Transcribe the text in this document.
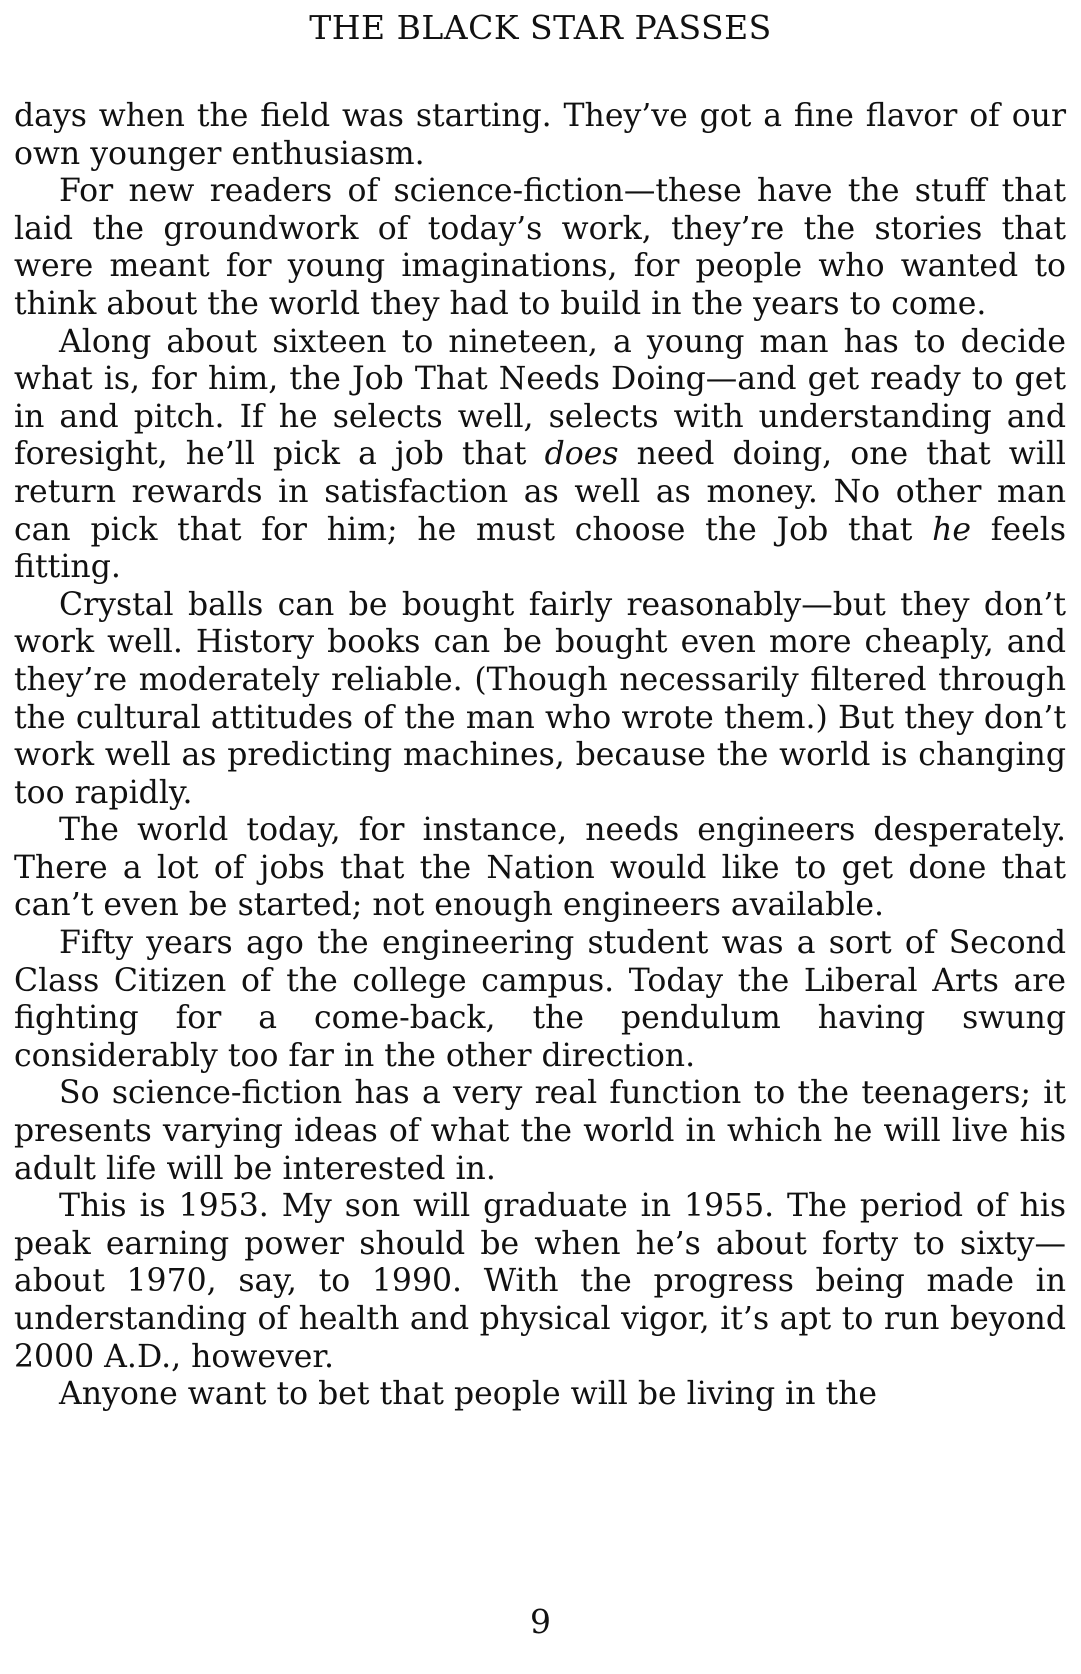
THE BLACK STAR PASSES

days when the field was starting. They’ve got a fine flavor of our own younger enthusiasm.

For new readers of science-fiction—these have the stuff that laid the groundwork of today’s work, they’re the stories that were meant for young imaginations, for people who wanted to think about the world they had to build in the years to come.

Along about sixteen to nineteen, a young man has to decide what is, for him, the Job That Needs Doing—and get ready to get in and pitch. If he selects well, selects with understanding and foresight, he’ll pick a job that does need doing, one that will return rewards in satisfaction as well as money. No other man can pick that for him; he must choose the Job that he feels fitting.

Crystal balls can be bought fairly reasonably—but they don’t work well. History books can be bought even more cheaply, and they’re moderately reliable. (Though necessarily filtered through the cultural attitudes of the man who wrote them.) But they don’t work well as predicting machines, because the world is changing too rapidly.

The world today, for instance, needs engineers desperately. There a lot of jobs that the Nation would like to get done that can’t even be started; not enough engineers available.

Fifty years ago the engineering student was a sort of Second Class Citizen of the college campus. Today the Liberal Arts are fighting for a come-back, the pendulum having swung considerably too far in the other direction.

So science-fiction has a very real function to the teenagers; it presents varying ideas of what the world in which he will live his adult life will be interested in.

This is 1953. My son will graduate in 1955. The period of his peak earning power should be when he’s about forty to sixty—about 1970, say, to 1990. With the progress being made in understanding of health and physical vigor, it’s apt to run beyond 2000 A.D., however.

Anyone want to bet that people will be living in the

9
